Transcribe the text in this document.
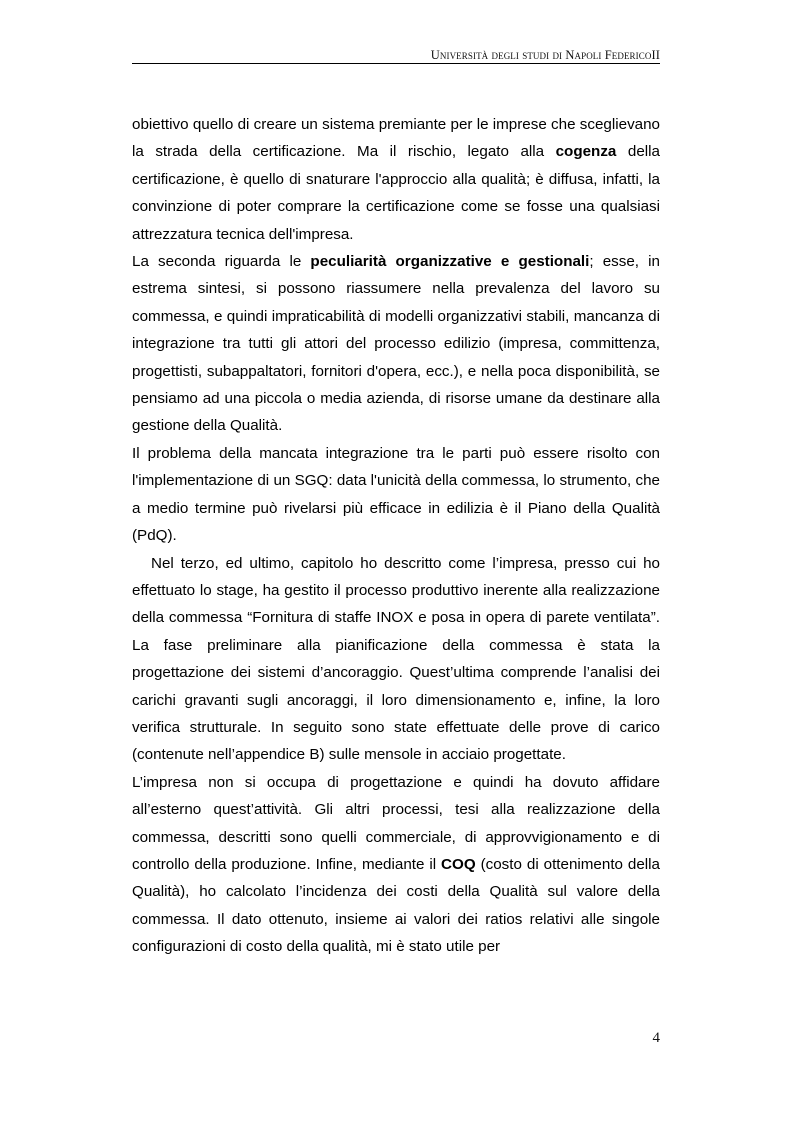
Università degli studi di Napoli FedericoII

obiettivo quello di creare un sistema premiante per le imprese che sceglievano la strada della certificazione. Ma il rischio, legato alla cogenza della certificazione, è quello di snaturare l'approccio alla qualità; è diffusa, infatti, la convinzione di poter comprare la certificazione come se fosse una qualsiasi attrezzatura tecnica dell'impresa.

La seconda riguarda le peculiarità organizzative e gestionali; esse, in estrema sintesi, si possono riassumere nella prevalenza del lavoro su commessa, e quindi impraticabilità di modelli organizzativi stabili, mancanza di integrazione tra tutti gli attori del processo edilizio (impresa, committenza, progettisti, subappaltatori, fornitori d'opera, ecc.), e nella poca disponibilità, se pensiamo ad una piccola o media azienda, di risorse umane da destinare alla gestione della Qualità.

Il problema della mancata integrazione tra le parti può essere risolto con l'implementazione di un SGQ: data l'unicità della commessa, lo strumento, che a medio termine può rivelarsi più efficace in edilizia è il Piano della Qualità (PdQ).

Nel terzo, ed ultimo, capitolo ho descritto come l’impresa, presso cui ho effettuato lo stage, ha gestito il processo produttivo inerente alla realizzazione della commessa “Fornitura di staffe INOX e posa in opera di parete ventilata”. La fase preliminare alla pianificazione della commessa è stata la progettazione dei sistemi d’ancoraggio. Quest’ultima comprende l’analisi dei carichi gravanti sugli ancoraggi, il loro dimensionamento e, infine, la loro verifica strutturale. In seguito sono state effettuate delle prove di carico (contenute nell’appendice B) sulle mensole in acciaio progettate.

L’impresa non si occupa di progettazione e quindi ha dovuto affidare all’esterno quest’attività. Gli altri processi, tesi alla realizzazione della commessa, descritti sono quelli commerciale, di approvvigionamento e di controllo della produzione. Infine, mediante il COQ (costo di ottenimento della Qualità), ho calcolato l’incidenza dei costi della Qualità sul valore della commessa. Il dato ottenuto, insieme ai valori dei ratios relativi alle singole configurazioni di costo della qualità, mi è stato utile per

4
